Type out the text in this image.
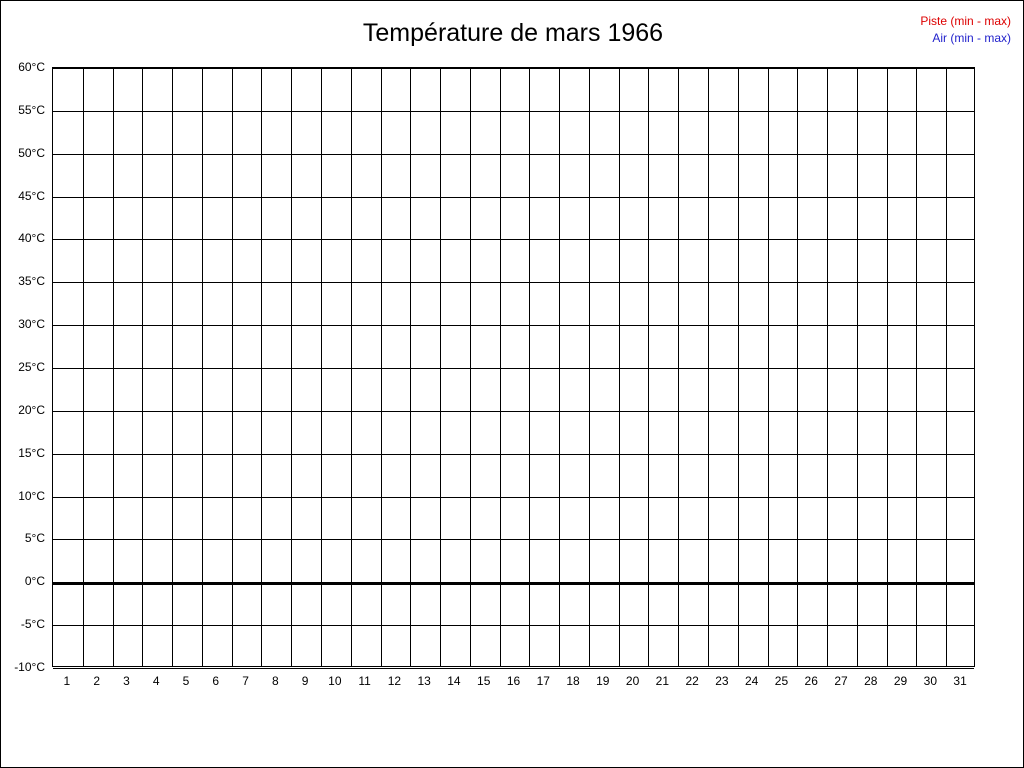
Température de mars 1966	Piste (min - max)
Air (min - max)
60°C
55°C
50°C
45°C
40°C
35°C
30°C
25°C
20°C
15°C
10°C
5°C
0°C
-5°C
-10°C
1 2 3 4 5 6 7 8 9 10 11 12 13 14 15 16 17 18 19 20 21 22 23 24 25 26 27 28 29 30 31
